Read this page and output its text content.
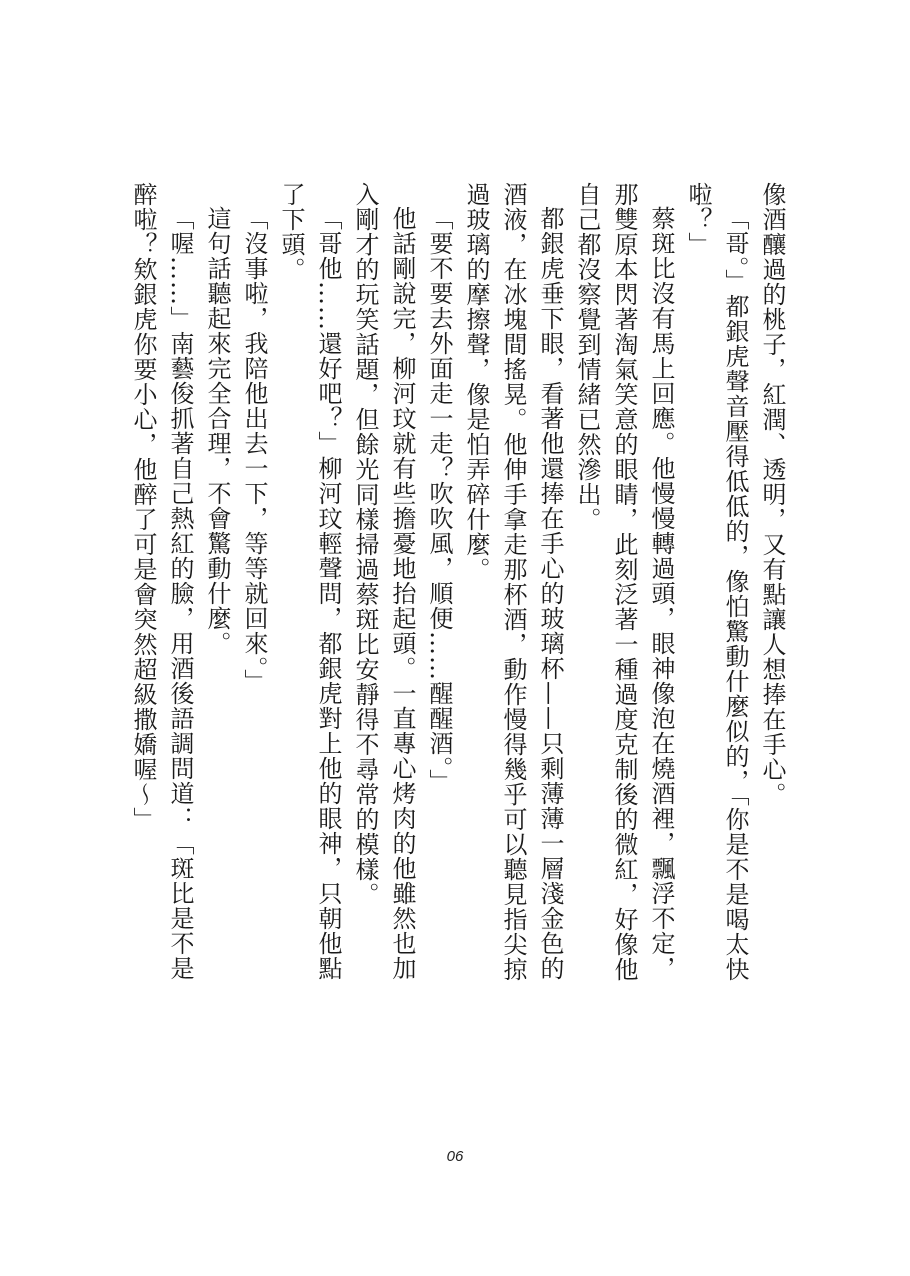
像酒釀過的桃子，紅潤、透明，又有點讓人想捧在手心。

「哥。」都銀虎聲音壓得低低的，像怕驚動什麼似的，「你是不是喝太快啦？」

蔡斑比沒有馬上回應。他慢慢轉過頭，眼神像泡在燒酒裡，飄浮不定，那雙原本閃著淘氣笑意的眼睛，此刻泛著一種過度克制後的微紅，好像他自己都沒察覺到情緒已然滲出。

都銀虎垂下眼，看著他還捧在手心的玻璃杯——只剩薄薄一層淺金色的酒液，在冰塊間搖晃。他伸手拿走那杯酒，動作慢得幾乎可以聽見指尖掠過玻璃的摩擦聲，像是怕弄碎什麼。

「要不要去外面走一走？吹吹風，順便……醒醒酒。」

他話剛說完，柳河玟就有些擔憂地抬起頭。一直專心烤肉的他雖然也加入剛才的玩笑話題，但餘光同樣掃過蔡斑比安靜得不尋常的模樣。

「哥他……還好吧？」柳河玟輕聲問，都銀虎對上他的眼神，只朝他點了下頭。

「沒事啦，我陪他出去一下，等等就回來。」

這句話聽起來完全合理，不會驚動什麼。

「喔……」南藝俊抓著自己熱紅的臉，用酒後語調問道：「斑比是不是醉啦？欸銀虎你要小心，他醉了可是會突然超級撒嬌喔～」

06
